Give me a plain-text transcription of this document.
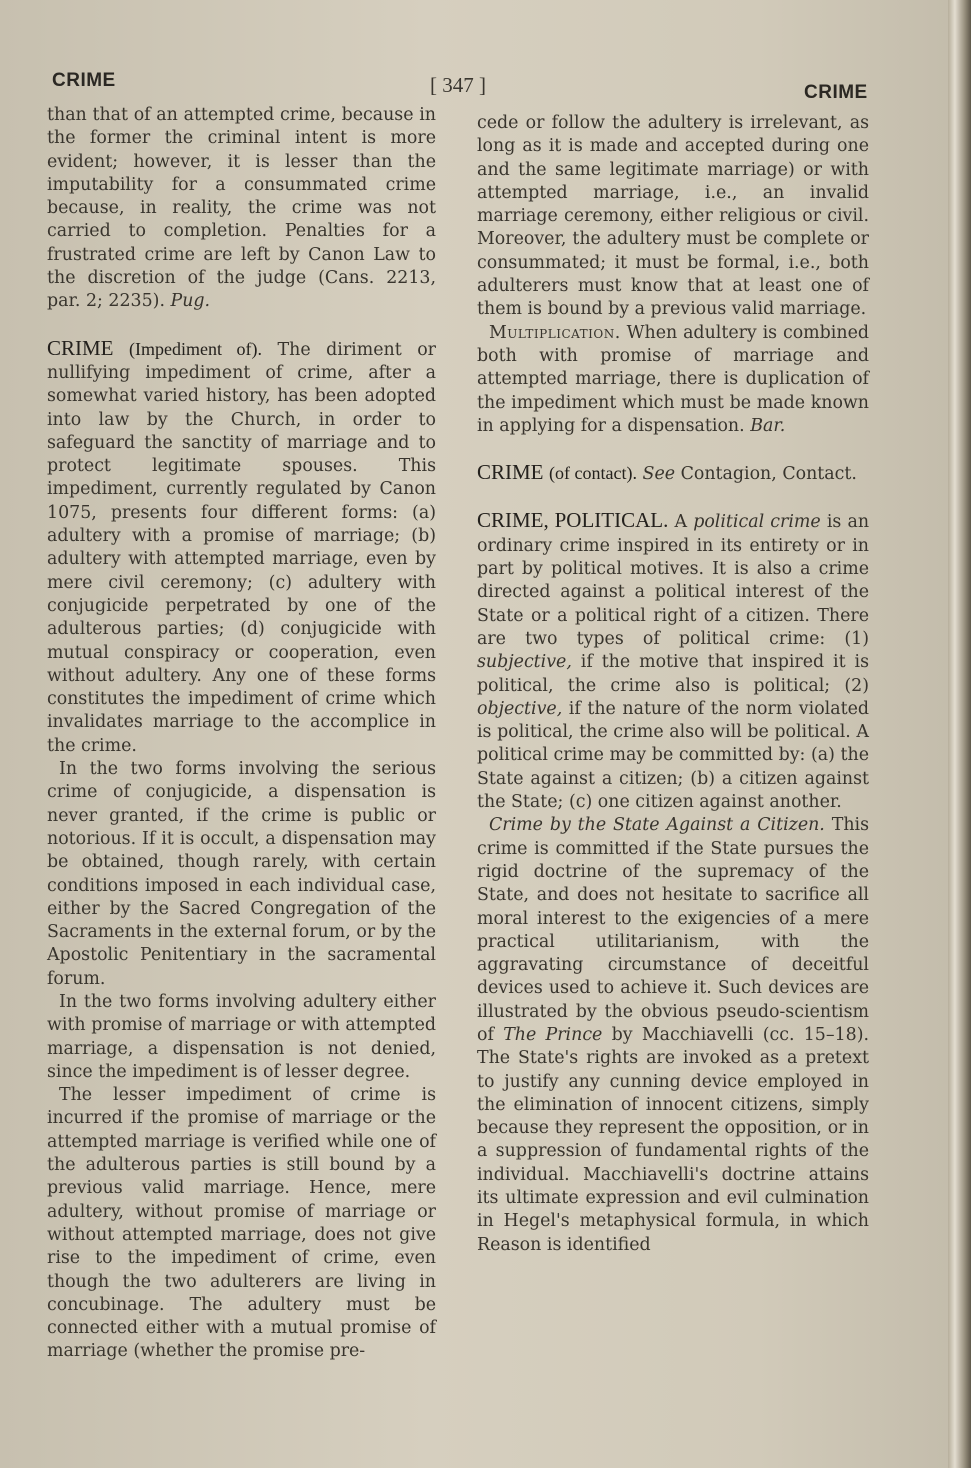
CRIME	[ 347 ]	CRIME

than that of an attempted crime, because in the former the criminal intent is more evident; however, it is lesser than the imputability for a consummated crime because, in reality, the crime was not carried to completion. Penalties for a frustrated crime are left by Canon Law to the discretion of the judge (Cans. 2213, par. 2; 2235). Pug.

CRIME (Impediment of). The diriment or nullifying impediment of crime, after a somewhat varied history, has been adopted into law by the Church, in order to safeguard the sanctity of marriage and to protect legitimate spouses. This impediment, currently regulated by Canon 1075, presents four different forms: (a) adultery with a promise of marriage; (b) adultery with attempted marriage, even by mere civil ceremony; (c) adultery with conjugicide perpetrated by one of the adulterous parties; (d) conjugicide with mutual conspiracy or cooperation, even without adultery. Any one of these forms constitutes the impediment of crime which invalidates marriage to the accomplice in the crime.

In the two forms involving the serious crime of conjugicide, a dispensation is never granted, if the crime is public or notorious. If it is occult, a dispensation may be obtained, though rarely, with certain conditions imposed in each individual case, either by the Sacred Congregation of the Sacraments in the external forum, or by the Apostolic Penitentiary in the sacramental forum.

In the two forms involving adultery either with promise of marriage or with attempted marriage, a dispensation is not denied, since the impediment is of lesser degree.

The lesser impediment of crime is incurred if the promise of marriage or the attempted marriage is verified while one of the adulterous parties is still bound by a previous valid marriage. Hence, mere adultery, without promise of marriage or without attempted marriage, does not give rise to the impediment of crime, even though the two adulterers are living in concubinage. The adultery must be connected either with a mutual promise of marriage (whether the promise pre-

cede or follow the adultery is irrelevant, as long as it is made and accepted during one and the same legitimate marriage) or with attempted marriage, i.e., an invalid marriage ceremony, either religious or civil. Moreover, the adultery must be complete or consummated; it must be formal, i.e., both adulterers must know that at least one of them is bound by a previous valid marriage.

Multiplication. When adultery is combined both with promise of marriage and attempted marriage, there is duplication of the impediment which must be made known in applying for a dispensation. Bar.

CRIME (of contact). See Contagion, Contact.

CRIME, POLITICAL. A political crime is an ordinary crime inspired in its entirety or in part by political motives. It is also a crime directed against a political interest of the State or a political right of a citizen. There are two types of political crime: (1) subjective, if the motive that inspired it is political, the crime also is political; (2) objective, if the nature of the norm violated is political, the crime also will be political. A political crime may be committed by: (a) the State against a citizen; (b) a citizen against the State; (c) one citizen against another.

Crime by the State Against a Citizen. This crime is committed if the State pursues the rigid doctrine of the supremacy of the State, and does not hesitate to sacrifice all moral interest to the exigencies of a mere practical utilitarianism, with the aggravating circumstance of deceitful devices used to achieve it. Such devices are illustrated by the obvious pseudo-scientism of The Prince by Macchiavelli (cc. 15–18). The State's rights are invoked as a pretext to justify any cunning device employed in the elimination of innocent citizens, simply because they represent the opposition, or in a suppression of fundamental rights of the individual. Macchiavelli's doctrine attains its ultimate expression and evil culmination in Hegel's metaphysical formula, in which Reason is identified
